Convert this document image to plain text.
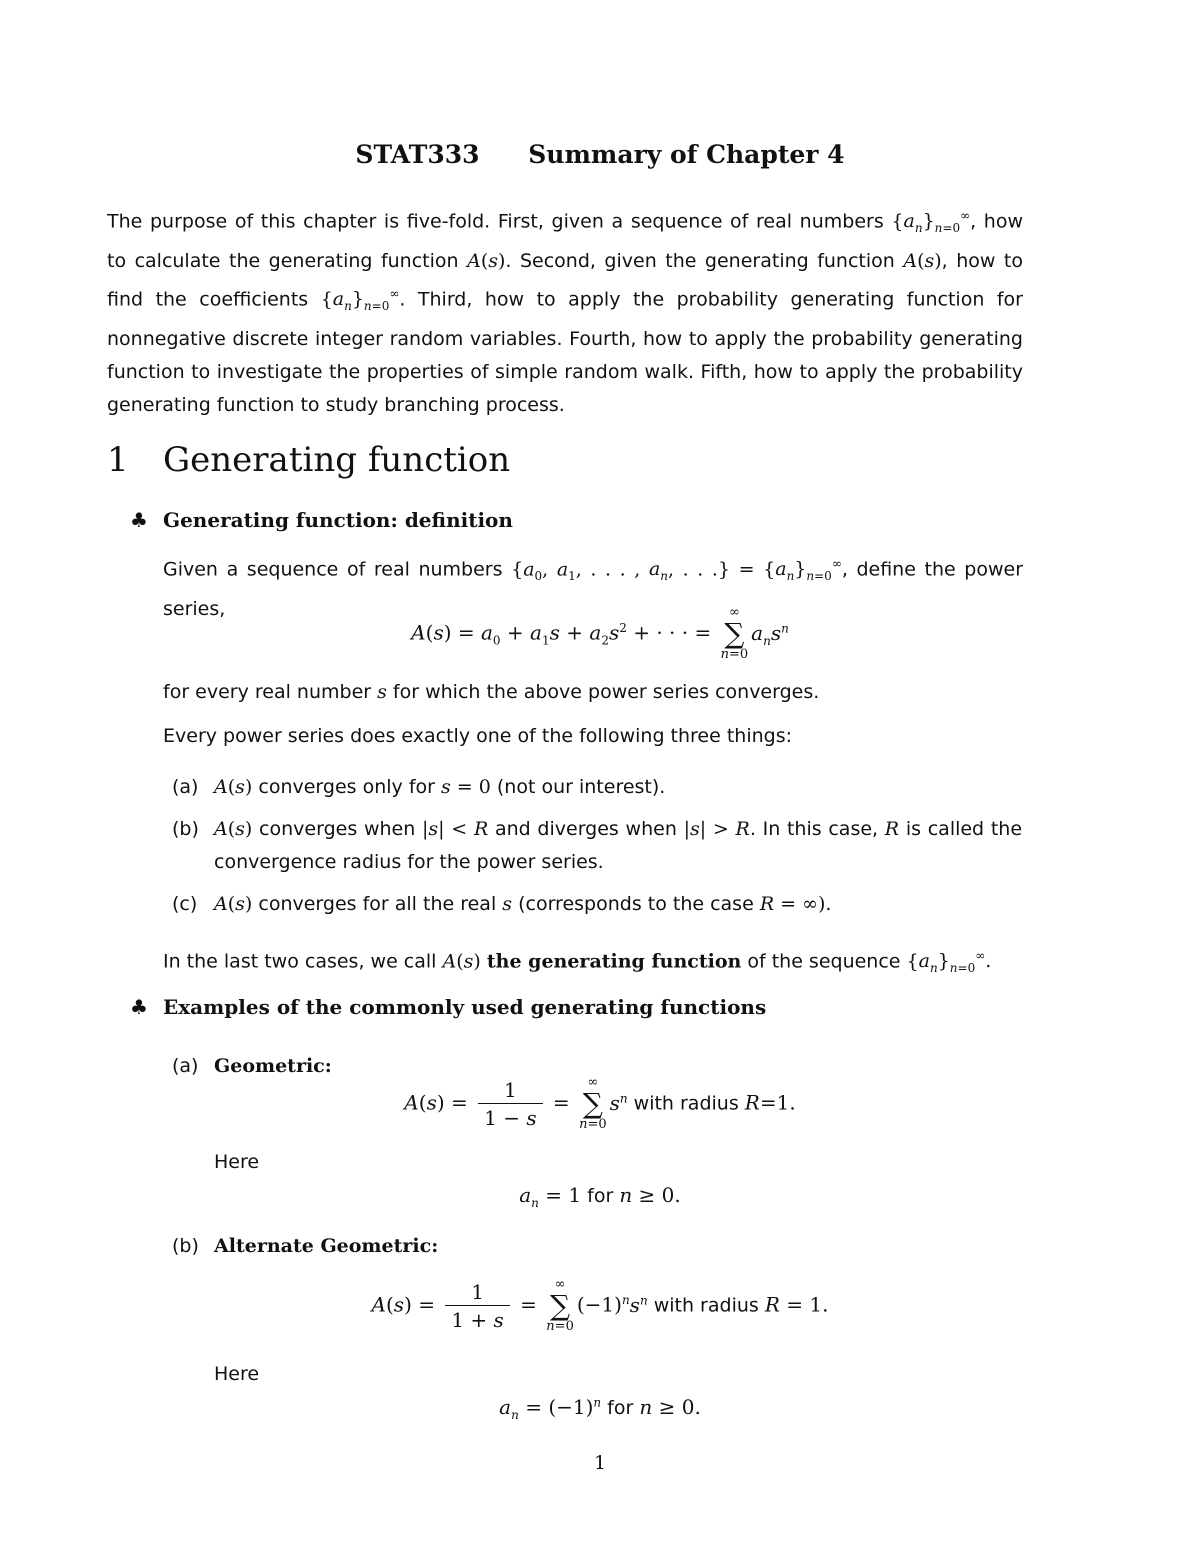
STAT333 Summary of Chapter 4
The purpose of this chapter is five-fold. First, given a sequence of real numbers $\{a_n\}_{n=0}^\infty$, how to calculate the generating function A(s). Second, given the generating function A(s), how to find the coefficients $\{a_n\}_{n=0}^\infty$. Third, how to apply the probability generating function for nonnegative discrete integer random variables. Fourth, how to apply the probability generating function to investigate the properties of simple random walk. Fifth, how to apply the probability generating function to study branching process.
1 Generating function
♣ Generating function: definition
Given a sequence of real numbers {$a_0$, $a_1$, . . . , $a_n$, . . .} = $\{a_n\}_{n=0}^\infty$, define the power series,
$A(s) = a_0 + a_1s + a_2s^2$ + · · · =
∞
∑
n=0
$a_ns^n$
for every real number s for which the above power series converges.
Every power series does exactly one of the following three things:
(a) A(s) converges only for s = 0 (not our interest).
(b) A(s) converges when |s| < R and diverges when |s| > R. In this case, R is called the convergence radius for the power series.
(c) A(s) converges for all the real s (corresponds to the case R = ∞).
In the last two cases, we call A(s) the generating function of the sequence $\{a_n\}_{n=0}^\infty$.
♣ Examples of the commonly used generating functions
(a) Geometric:
$A(s) = \frac{1}{1 - s}$ =
∞
∑
n=0
$s^n$ with radius R=1.
Here
$a_n = 1$ for n ≥ 0.
(b) Alternate Geometric:
$A(s) = \frac{1}{1 + s}$ =
∞
∑
n=0
$(-1)^ns^n$ with radius R = 1.
Here
$a_n = (-1)^n$ for n ≥ 0.
1
